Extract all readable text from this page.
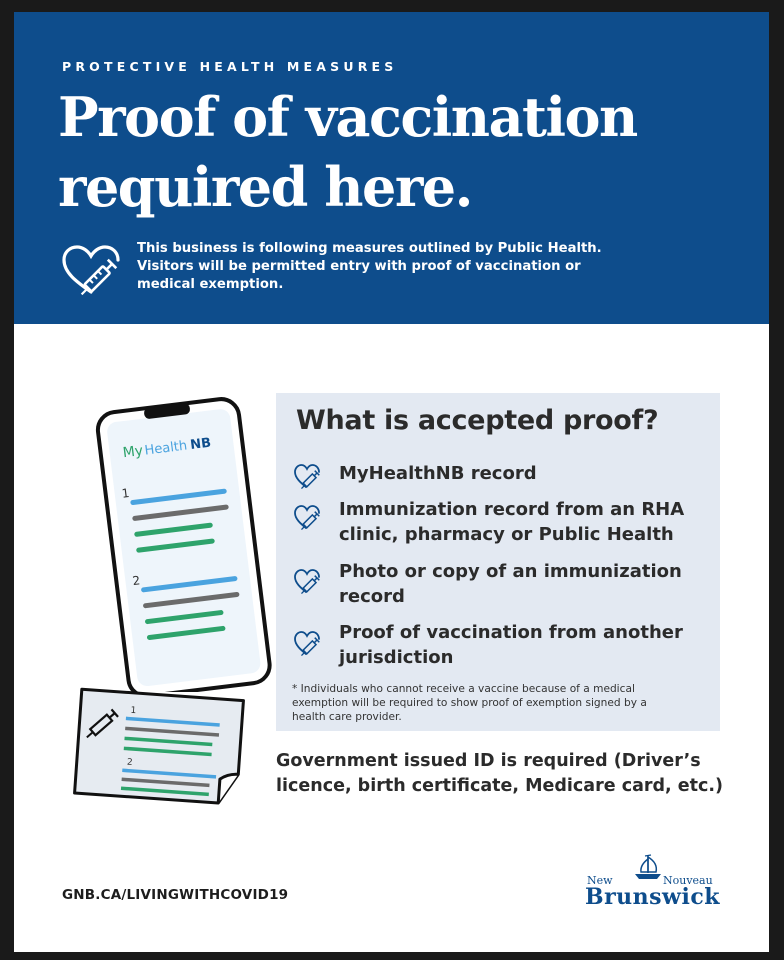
PROTECTIVE HEALTH MEASURES
Proof of vaccination
required here.
This business is following measures outlined by Public Health.
Visitors will be permitted entry with proof of vaccination or
medical exemption.
My Health NB
1
2
1
2
What is accepted proof?
MyHealthNB record
Immunization record from an RHA
clinic, pharmacy or Public Health
Photo or copy of an immunization
record
Proof of vaccination from another
jurisdiction
* Individuals who cannot receive a vaccine because of a medical
exemption will be required to show proof of exemption signed by a
health care provider.
Government issued ID is required (Driver’s
licence, birth certificate, Medicare card, etc.)
GNB.CA/LIVINGWITHCOVID19
New	Nouveau
Brunswick
